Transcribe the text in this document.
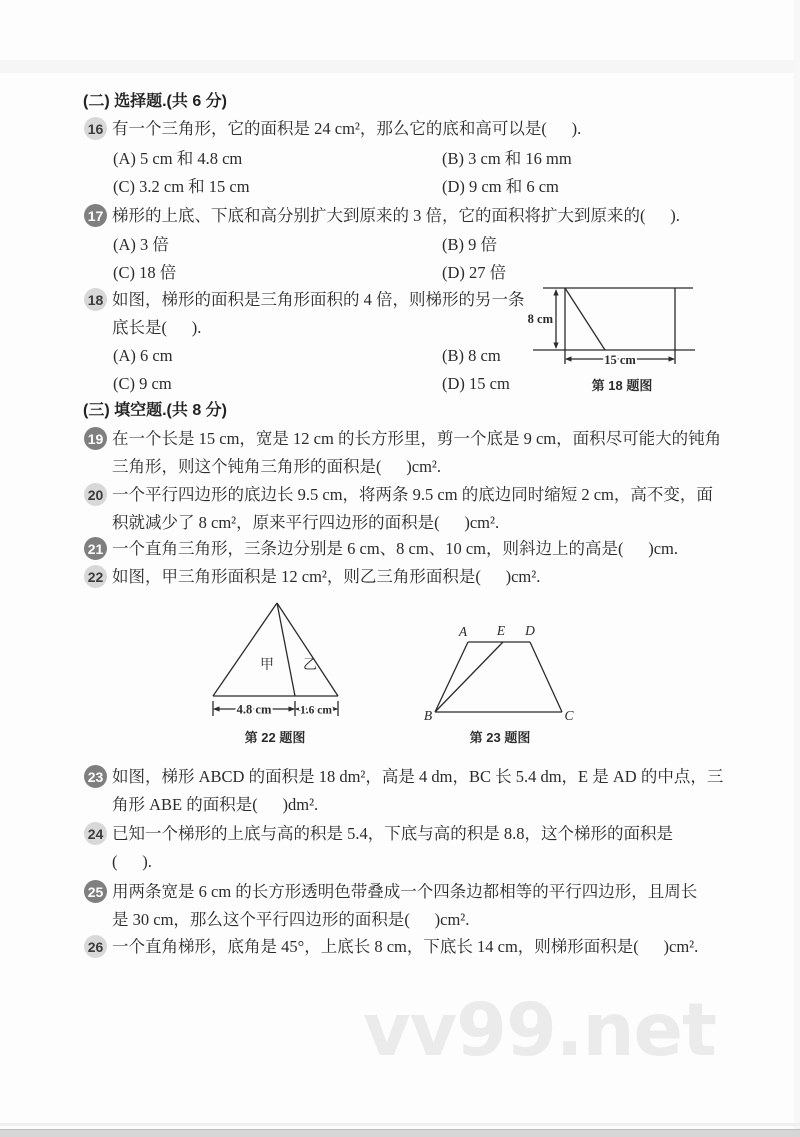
(二) 选择题.(共 6 分)
16 有一个三角形，它的面积是 24 cm²，那么它的底和高可以是(      ).
(A) 5 cm 和 4.8 cm	(B) 3 cm 和 16 mm
(C) 3.2 cm 和 15 cm	(D) 9 cm 和 6 cm
17 梯形的上底、下底和高分别扩大到原来的 3 倍，它的面积将扩大到原来的(      ).
(A) 3 倍	(B) 9 倍
(C) 18 倍	(D) 27 倍
18 如图，梯形的面积是三角形面积的 4 倍，则梯形的另一条
底长是(      ).
(A) 6 cm	(B) 8 cm
(C) 9 cm	(D) 15 cm
8 cm
15 cm
第 18 题图
(三) 填空题.(共 8 分)
19 在一个长是 15 cm，宽是 12 cm 的长方形里，剪一个底是 9 cm，面积尽可能大的钝角
三角形，则这个钝角三角形的面积是(      )cm².
20 一个平行四边形的底边长 9.5 cm，将两条 9.5 cm 的底边同时缩短 2 cm，高不变，面
积就减少了 8 cm²，原来平行四边形的面积是(      )cm².
21 一个直角三角形，三条边分别是 6 cm、8 cm、10 cm，则斜边上的高是(      )cm.
22 如图，甲三角形面积是 12 cm²，则乙三角形面积是(      )cm².
甲 乙
4.8 cm 1.6 cm
第 22 题图
A E D
B	C
第 23 题图
23 如图，梯形 ABCD 的面积是 18 dm²，高是 4 dm，BC 长 5.4 dm，E 是 AD 的中点，三
角形 ABE 的面积是(      )dm².
24 已知一个梯形的上底与高的积是 5.4，下底与高的积是 8.8，这个梯形的面积是
(      ).
25 用两条宽是 6 cm 的长方形透明色带叠成一个四条边都相等的平行四边形，且周长
是 30 cm，那么这个平行四边形的面积是(      )cm².
26 一个直角梯形，底角是 45°，上底长 8 cm，下底长 14 cm，则梯形面积是(      )cm².
vv99.net
